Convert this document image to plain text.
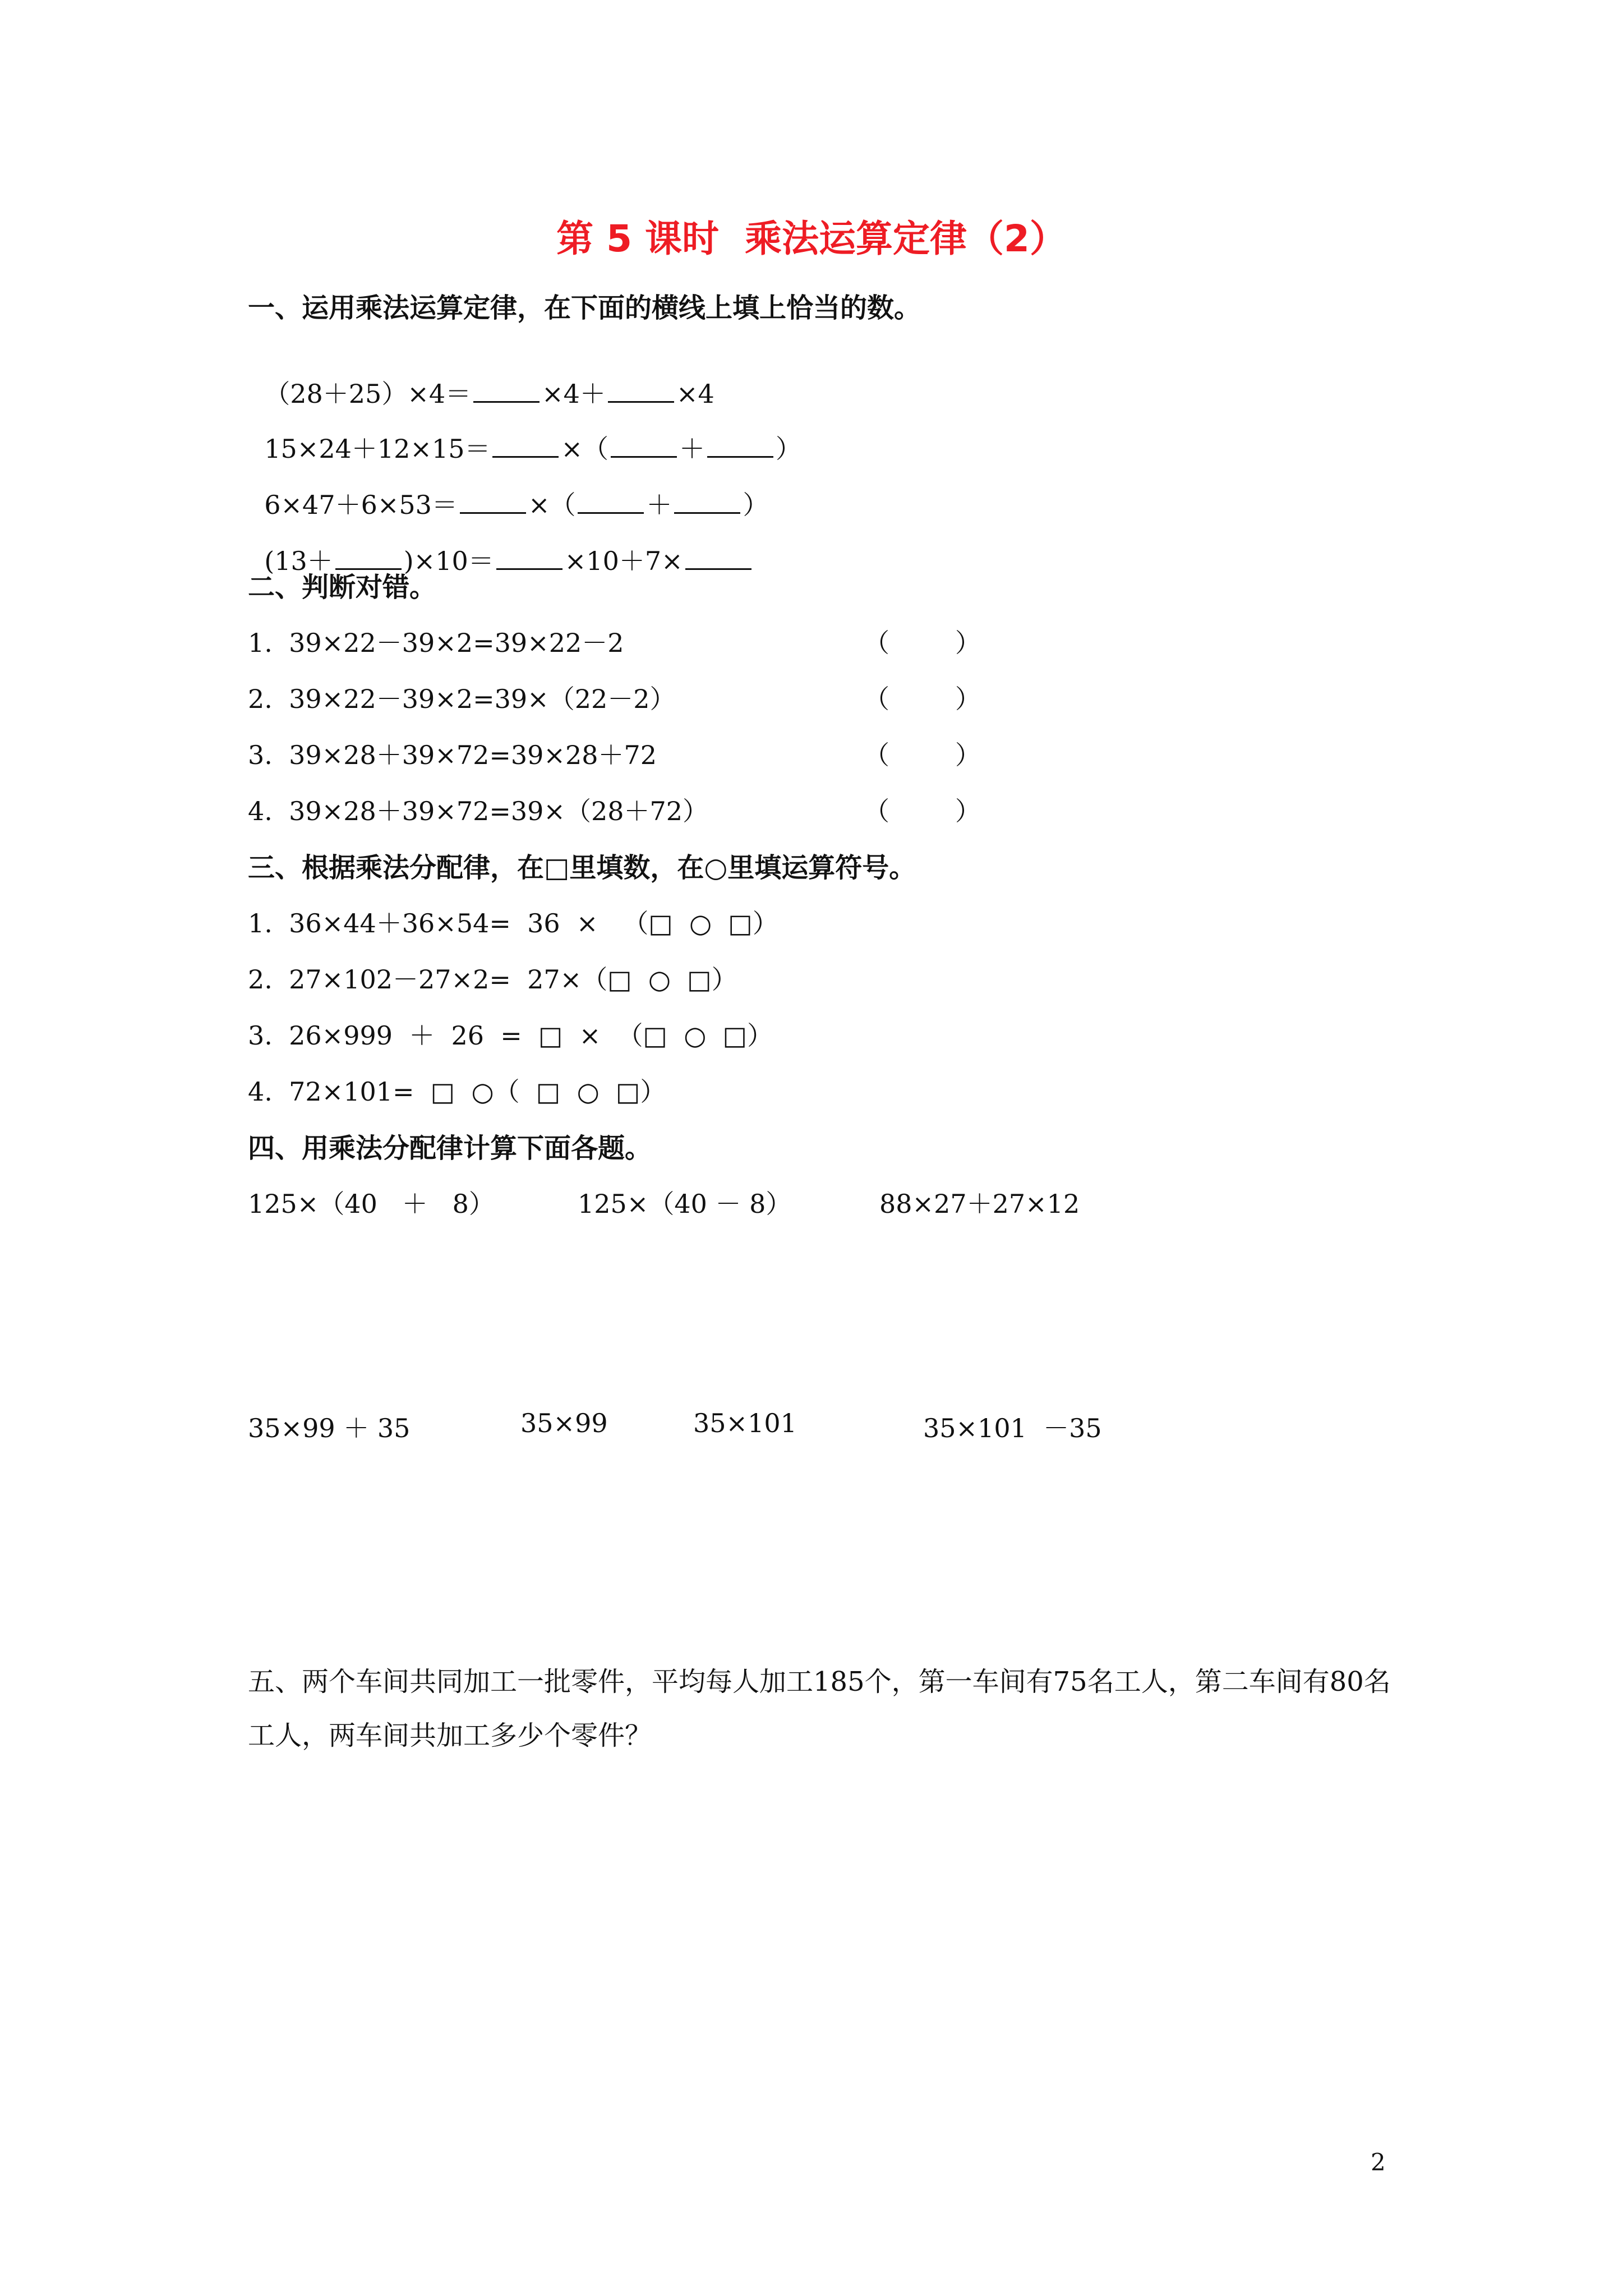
第 5 课时  乘法运算定律（2）
一、运用乘法运算定律，在下面的横线上填上恰当的数。

（28＋25）×4＝	×4＋	×4

15×24＋12×15＝	×（	＋	）

6×47＋6×53＝	×（	＋	）

(13＋	)×10＝	×10＋7×

二、判断对错。
1.  39×22－39×2=39×22－2	（        ）
2.  39×22－39×2=39×（22－2）	（        ）
3.  39×28＋39×72=39×28＋72	（        ）
4.  39×28＋39×72=39×（28＋72）	（        ）
三、根据乘法分配律，在□里填数，在○里填运算符号。
1.  36×44＋36×54=  36  ×   （□  ○  □）
2.  27×102－27×2=  27×（□  ○  □）
3.  26×999  ＋  26  =  □  ×  （□  ○  □）
4.  72×101=  □  ○（  □  ○  □）
四、用乘法分配律计算下面各题。
125×（40   ＋   8）	125×（40 － 8）	88×27＋27×12
35×99 ＋ 35	35×99	35×101	35×101  －35
五、两个车间共同加工一批零件，平均每人加工185个，第一车间有75名工人，第二车间有80名工人，两车间共加工多少个零件？
2
